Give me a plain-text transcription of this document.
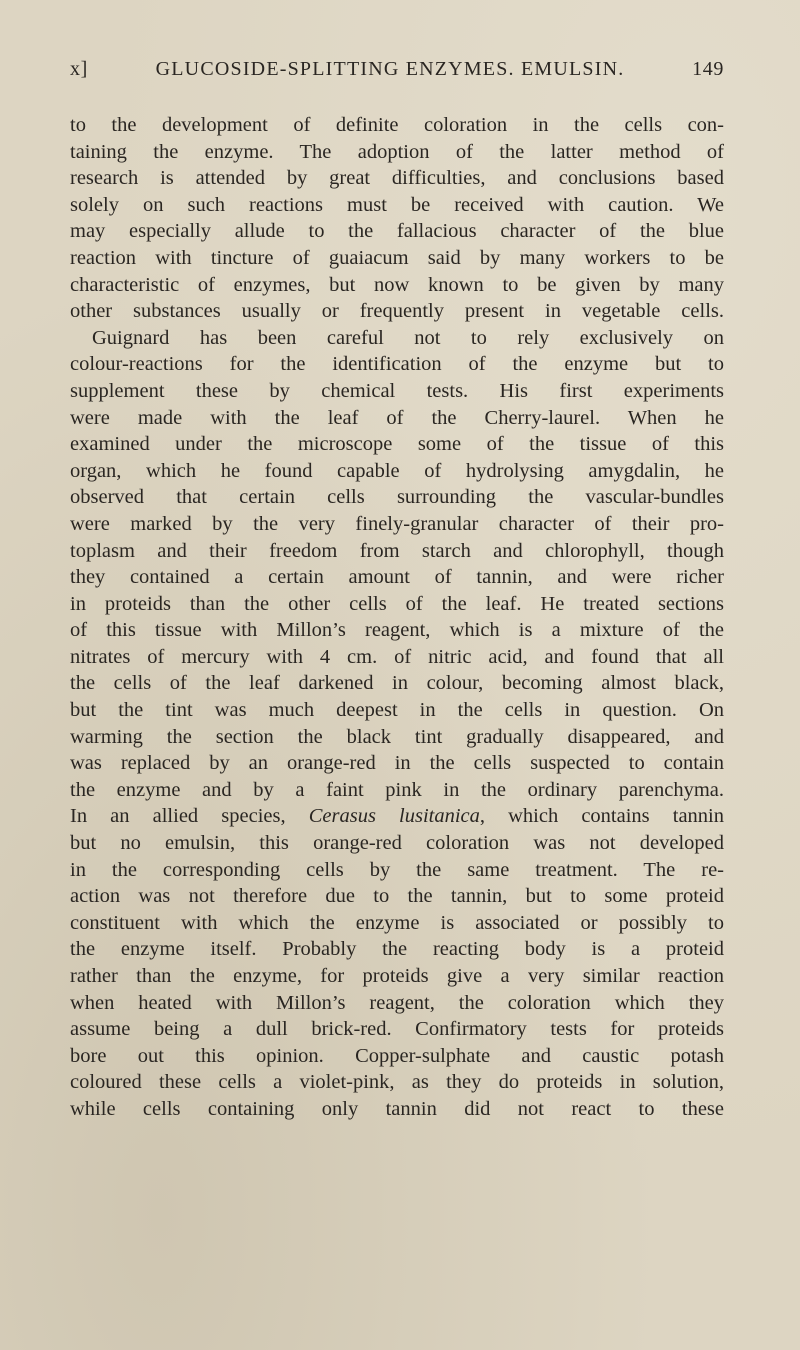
x]	GLUCOSIDE-SPLITTING ENZYMES. EMULSIN.	149
to the development of definite coloration in the cells con-
taining the enzyme. The adoption of the latter method of
research is attended by great difficulties, and conclusions based
solely on such reactions must be received with caution. We
may especially allude to the fallacious character of the blue
reaction with tincture of guaiacum said by many workers to be
characteristic of enzymes, but now known to be given by many
other substances usually or frequently present in vegetable cells.
Guignard has been careful not to rely exclusively on
colour-reactions for the identification of the enzyme but to
supplement these by chemical tests. His first experiments
were made with the leaf of the Cherry-laurel. When he
examined under the microscope some of the tissue of this
organ, which he found capable of hydrolysing amygdalin, he
observed that certain cells surrounding the vascular-bundles
were marked by the very finely-granular character of their pro-
toplasm and their freedom from starch and chlorophyll, though
they contained a certain amount of tannin, and were richer
in proteids than the other cells of the leaf. He treated sections
of this tissue with Millon’s reagent, which is a mixture of the
nitrates of mercury with 4 cm. of nitric acid, and found that all
the cells of the leaf darkened in colour, becoming almost black,
but the tint was much deepest in the cells in question. On
warming the section the black tint gradually disappeared, and
was replaced by an orange-red in the cells suspected to contain
the enzyme and by a faint pink in the ordinary parenchyma.
In an allied species, Cerasus lusitanica, which contains tannin
but no emulsin, this orange-red coloration was not developed
in the corresponding cells by the same treatment. The re-
action was not therefore due to the tannin, but to some proteid
constituent with which the enzyme is associated or possibly to
the enzyme itself. Probably the reacting body is a proteid
rather than the enzyme, for proteids give a very similar reaction
when heated with Millon’s reagent, the coloration which they
assume being a dull brick-red. Confirmatory tests for proteids
bore out this opinion. Copper-sulphate and caustic potash
coloured these cells a violet-pink, as they do proteids in solution,
while cells containing only tannin did not react to these
